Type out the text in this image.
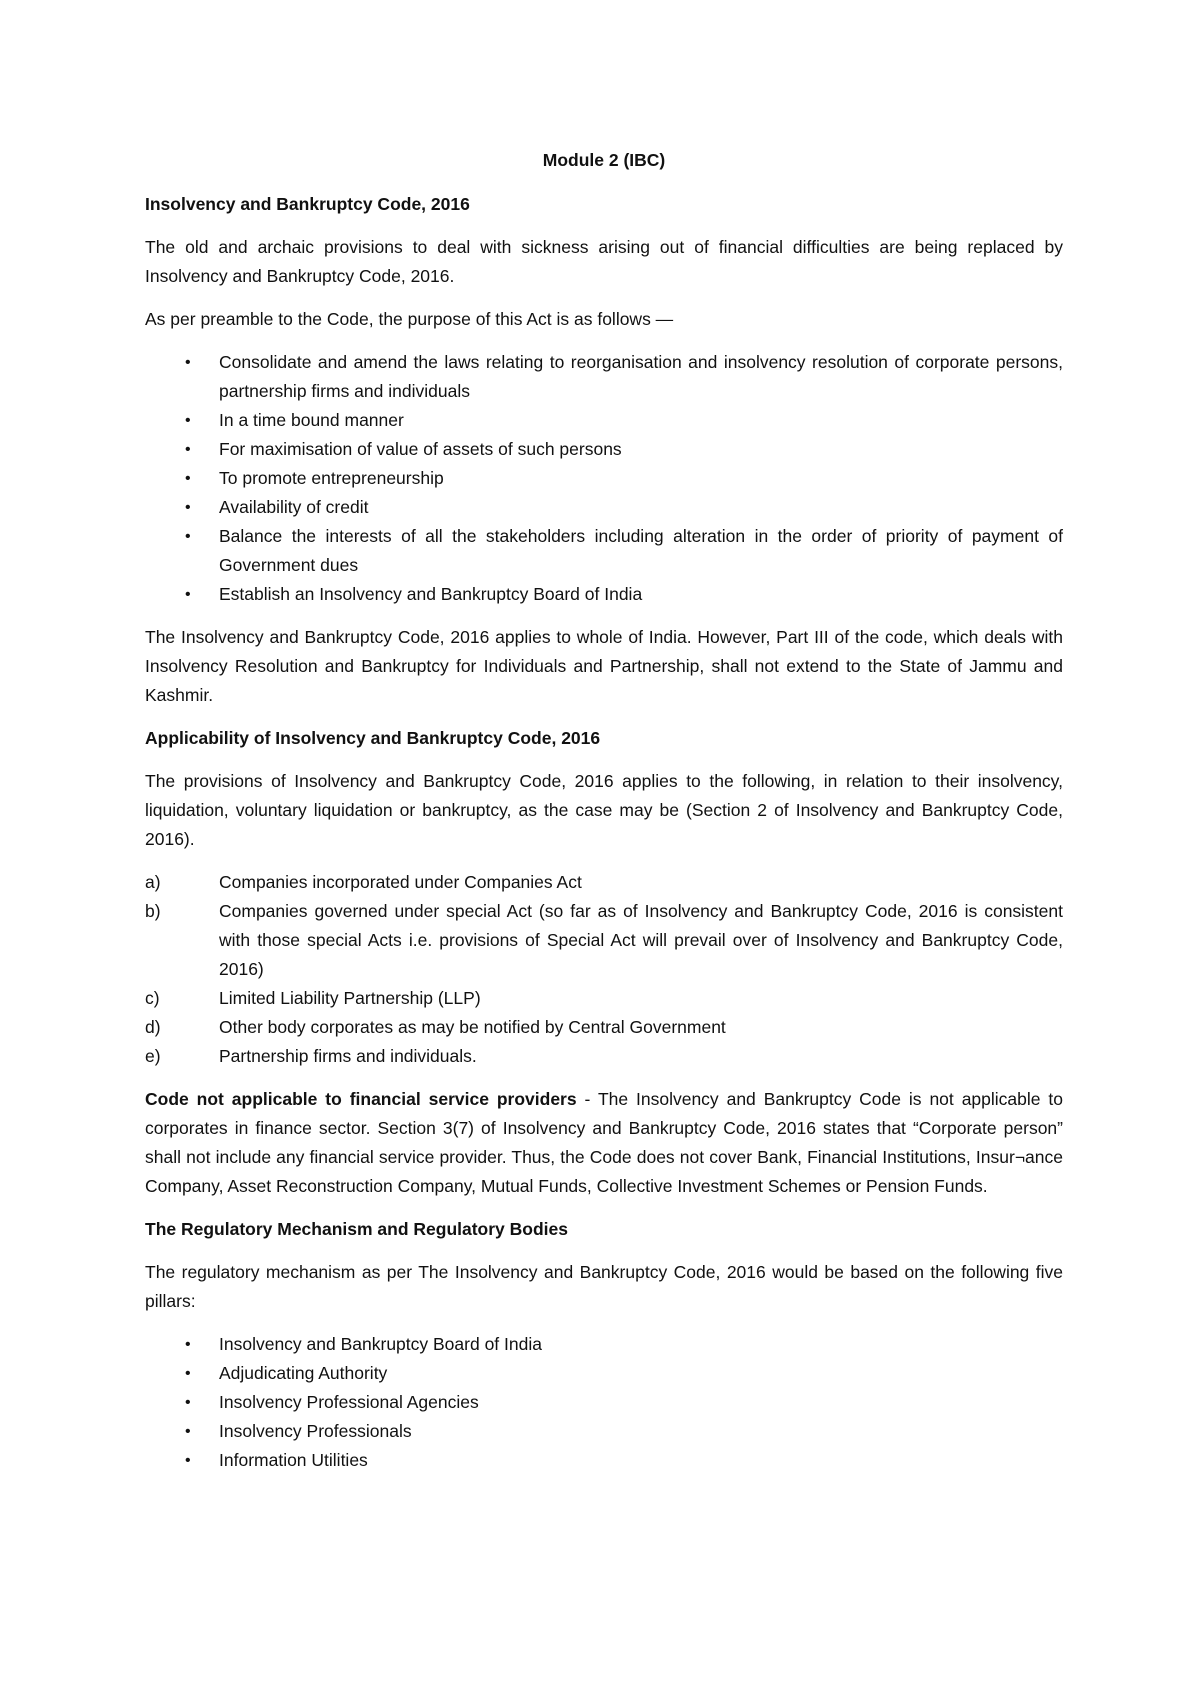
Module 2 (IBC)
Insolvency and Bankruptcy Code, 2016
The old and archaic provisions to deal with sickness arising out of financial difficulties are being replaced by Insolvency and Bankruptcy Code, 2016.
As per preamble to the Code, the purpose of this Act is as follows —
• Consolidate and amend the laws relating to reorganisation and insolvency resolution of corporate persons, partnership firms and individuals
• In a time bound manner
• For maximisation of value of assets of such persons
• To promote entrepreneurship
• Availability of credit
• Balance the interests of all the stakeholders including alteration in the order of priority of payment of Government dues
• Establish an Insolvency and Bankruptcy Board of India
The Insolvency and Bankruptcy Code, 2016 applies to whole of India. However, Part III of the code, which deals with Insolvency Resolution and Bankruptcy for Individuals and Partnership, shall not extend to the State of Jammu and Kashmir.
Applicability of Insolvency and Bankruptcy Code, 2016
The provisions of Insolvency and Bankruptcy Code, 2016 applies to the following, in relation to their insolvency, liquidation, voluntary liquidation or bankruptcy, as the case may be (Section 2 of Insolvency and Bankruptcy Code, 2016).
a)	Companies incorporated under Companies Act
b)	Companies governed under special Act (so far as of Insolvency and Bankruptcy Code, 2016 is consistent with those special Acts i.e. provisions of Special Act will prevail over of Insolvency and Bankruptcy Code, 2016)
c)	Limited Liability Partnership (LLP)
d)	Other body corporates as may be notified by Central Government
e)	Partnership firms and individuals.
Code not applicable to financial service providers - The Insolvency and Bankruptcy Code is not applicable to corporates in finance sector. Section 3(7) of Insolvency and Bankruptcy Code, 2016 states that “Corporate person” shall not include any financial service provider. Thus, the Code does not cover Bank, Financial Institutions, Insur¬ance Company, Asset Reconstruction Company, Mutual Funds, Collective Investment Schemes or Pension Funds.
The Regulatory Mechanism and Regulatory Bodies
The regulatory mechanism as per The Insolvency and Bankruptcy Code, 2016 would be based on the following five pillars:
• Insolvency and Bankruptcy Board of India
• Adjudicating Authority
• Insolvency Professional Agencies
• Insolvency Professionals
• Information Utilities
